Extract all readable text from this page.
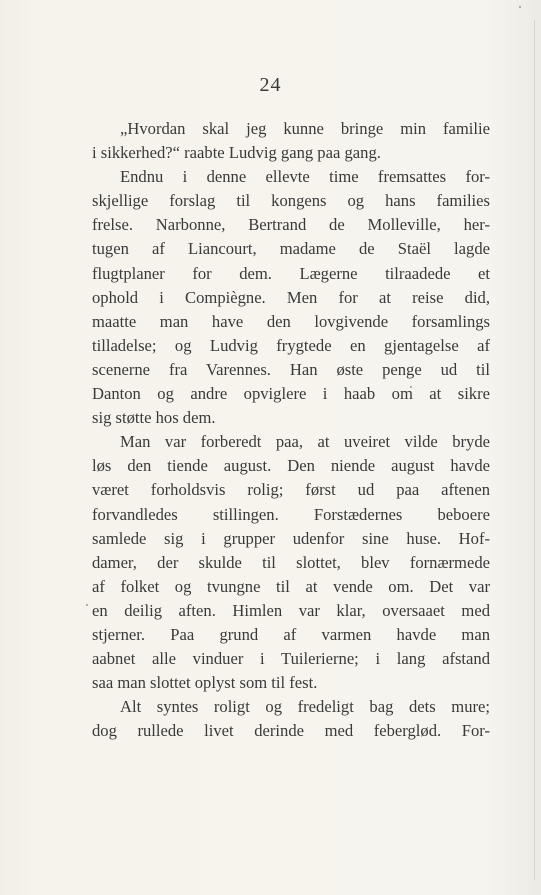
24
„Hvordan skal jeg kunne bringe min familie
i sikkerhed?“ raabte Ludvig gang paa gang.
Endnu i denne ellevte time fremsattes for-
skjellige forslag til kongens og hans families
frelse. Narbonne, Bertrand de Molleville, her-
tugen af Liancourt, madame de Staël lagde
flugtplaner for dem. Lægerne tilraadede et
ophold i Compiègne. Men for at reise did,
maatte man have den lovgivende forsamlings
tilladelse; og Ludvig frygtede en gjentagelse af
scenerne fra Varennes. Han øste penge ud til
Danton og andre opviglere i haab om at sikre
sig støtte hos dem.
Man var forberedt paa, at uveiret vilde bryde
løs den tiende august. Den niende august havde
været forholdsvis rolig; først ud paa aftenen
forvandledes stillingen. Forstædernes beboere
samlede sig i grupper udenfor sine huse. Hof-
damer, der skulde til slottet, blev fornærmede
af folket og tvungne til at vende om. Det var
en deilig aften. Himlen var klar, oversaaet med
stjerner. Paa grund af varmen havde man
aabnet alle vinduer i Tuilerierne; i lang afstand
saa man slottet oplyst som til fest.
Alt syntes roligt og fredeligt bag dets mure;
dog rullede livet derinde med feberglød. For-
